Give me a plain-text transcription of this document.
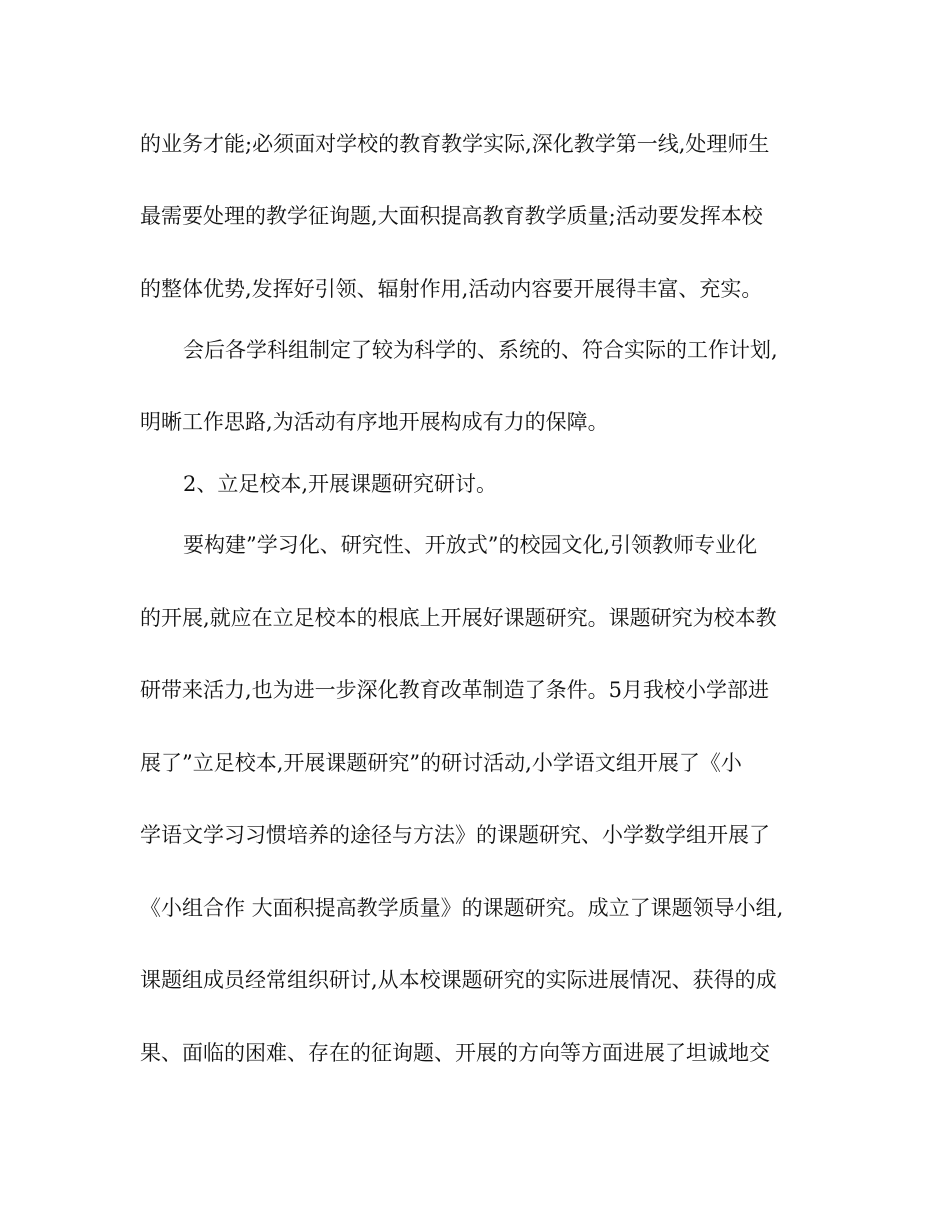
的业务才能;必须面对学校的教育教学实际,深化教学第一线,处理师生
最需要处理的教学征询题,大面积提高教育教学质量;活动要发挥本校
的整体优势,发挥好引领、辐射作用,活动内容要开展得丰富、充实。
会后各学科组制定了较为科学的、系统的、符合实际的工作计划,
明晰工作思路,为活动有序地开展构成有力的保障。
2、立足校本,开展课题研究研讨。
要构建”学习化、研究性、开放式”的校园文化,引领教师专业化
的开展,就应在立足校本的根底上开展好课题研究。课题研究为校本教
研带来活力,也为进一步深化教育改革制造了条件。5月我校小学部进
展了”立足校本,开展课题研究”的研讨活动,小学语文组开展了《小
学语文学习习惯培养的途径与方法》的课题研究、小学数学组开展了
《小组合作 大面积提高教学质量》的课题研究。成立了课题领导小组,
课题组成员经常组织研讨,从本校课题研究的实际进展情况、获得的成
果、面临的困难、存在的征询题、开展的方向等方面进展了坦诚地交
